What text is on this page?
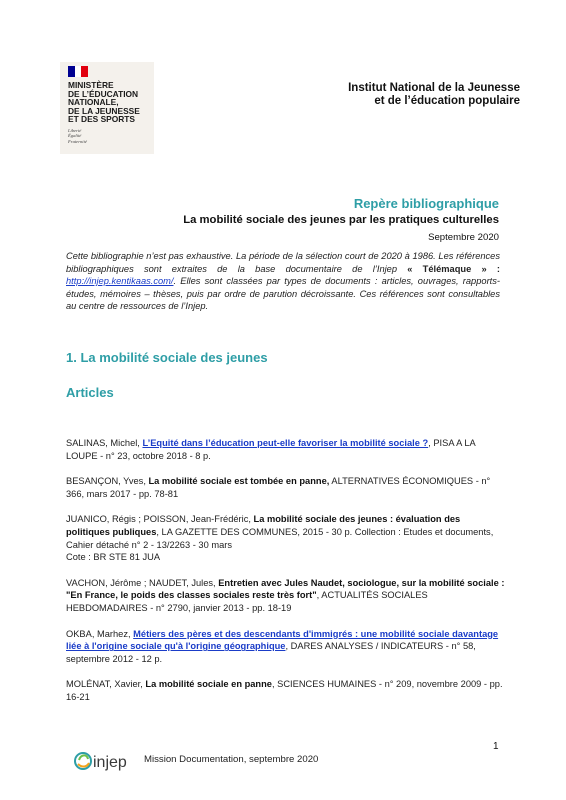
MINISTÈRE
DE L’ÉDUCATION
NATIONALE,
DE LA JEUNESSE
ET DES SPORTS
Liberté
Égalité
Fraternité
Institut National de la Jeunesse
et de l’éducation populaire
Repère bibliographique
La mobilité sociale des jeunes par les pratiques culturelles
Septembre 2020
Cette bibliographie n’est pas exhaustive. La période de la sélection court de 2020 à 1986. Les références bibliographiques sont extraites de la base documentaire de l’Injep « Télémaque » : http://injep.kentikaas.com/. Elles sont classées par types de documents : articles, ouvrages, rapports-études, mémoires – thèses, puis par ordre de parution décroissante. Ces références sont consultables au centre de ressources de l’Injep.
1. La mobilité sociale des jeunes
Articles
SALINAS, Michel, L’Equité dans l’éducation peut-elle favoriser la mobilité sociale ?, PISA A LA LOUPE - n° 23, octobre 2018 - 8 p.
BESANÇON, Yves, La mobilité sociale est tombée en panne, ALTERNATIVES ÉCONOMIQUES - n° 366, mars 2017 - pp. 78-81
JUANICO, Régis ; POISSON, Jean-Frédéric, La mobilité sociale des jeunes : évaluation des politiques publiques, LA GAZETTE DES COMMUNES, 2015 - 30 p. Collection : Etudes et documents, Cahier détaché n° 2 - 13/2263 - 30 mars
Cote : BR STE 81 JUA
VACHON, Jérôme ; NAUDET, Jules, Entretien avec Jules Naudet, sociologue, sur la mobilité sociale : "En France, le poids des classes sociales reste très fort", ACTUALITÉS SOCIALES HEBDOMADAIRES - n° 2790, janvier 2013 - pp. 18-19
OKBA, Marhez, Métiers des pères et des descendants d'immigrés : une mobilité sociale davantage liée à l'origine sociale qu'à l'origine géographique, DARES ANALYSES / INDICATEURS - n° 58, septembre 2012 - 12 p.
MOLÉNAT, Xavier, La mobilité sociale en panne, SCIENCES HUMAINES - n° 209, novembre 2009 - pp. 16-21
1
injep Mission Documentation, septembre 2020
